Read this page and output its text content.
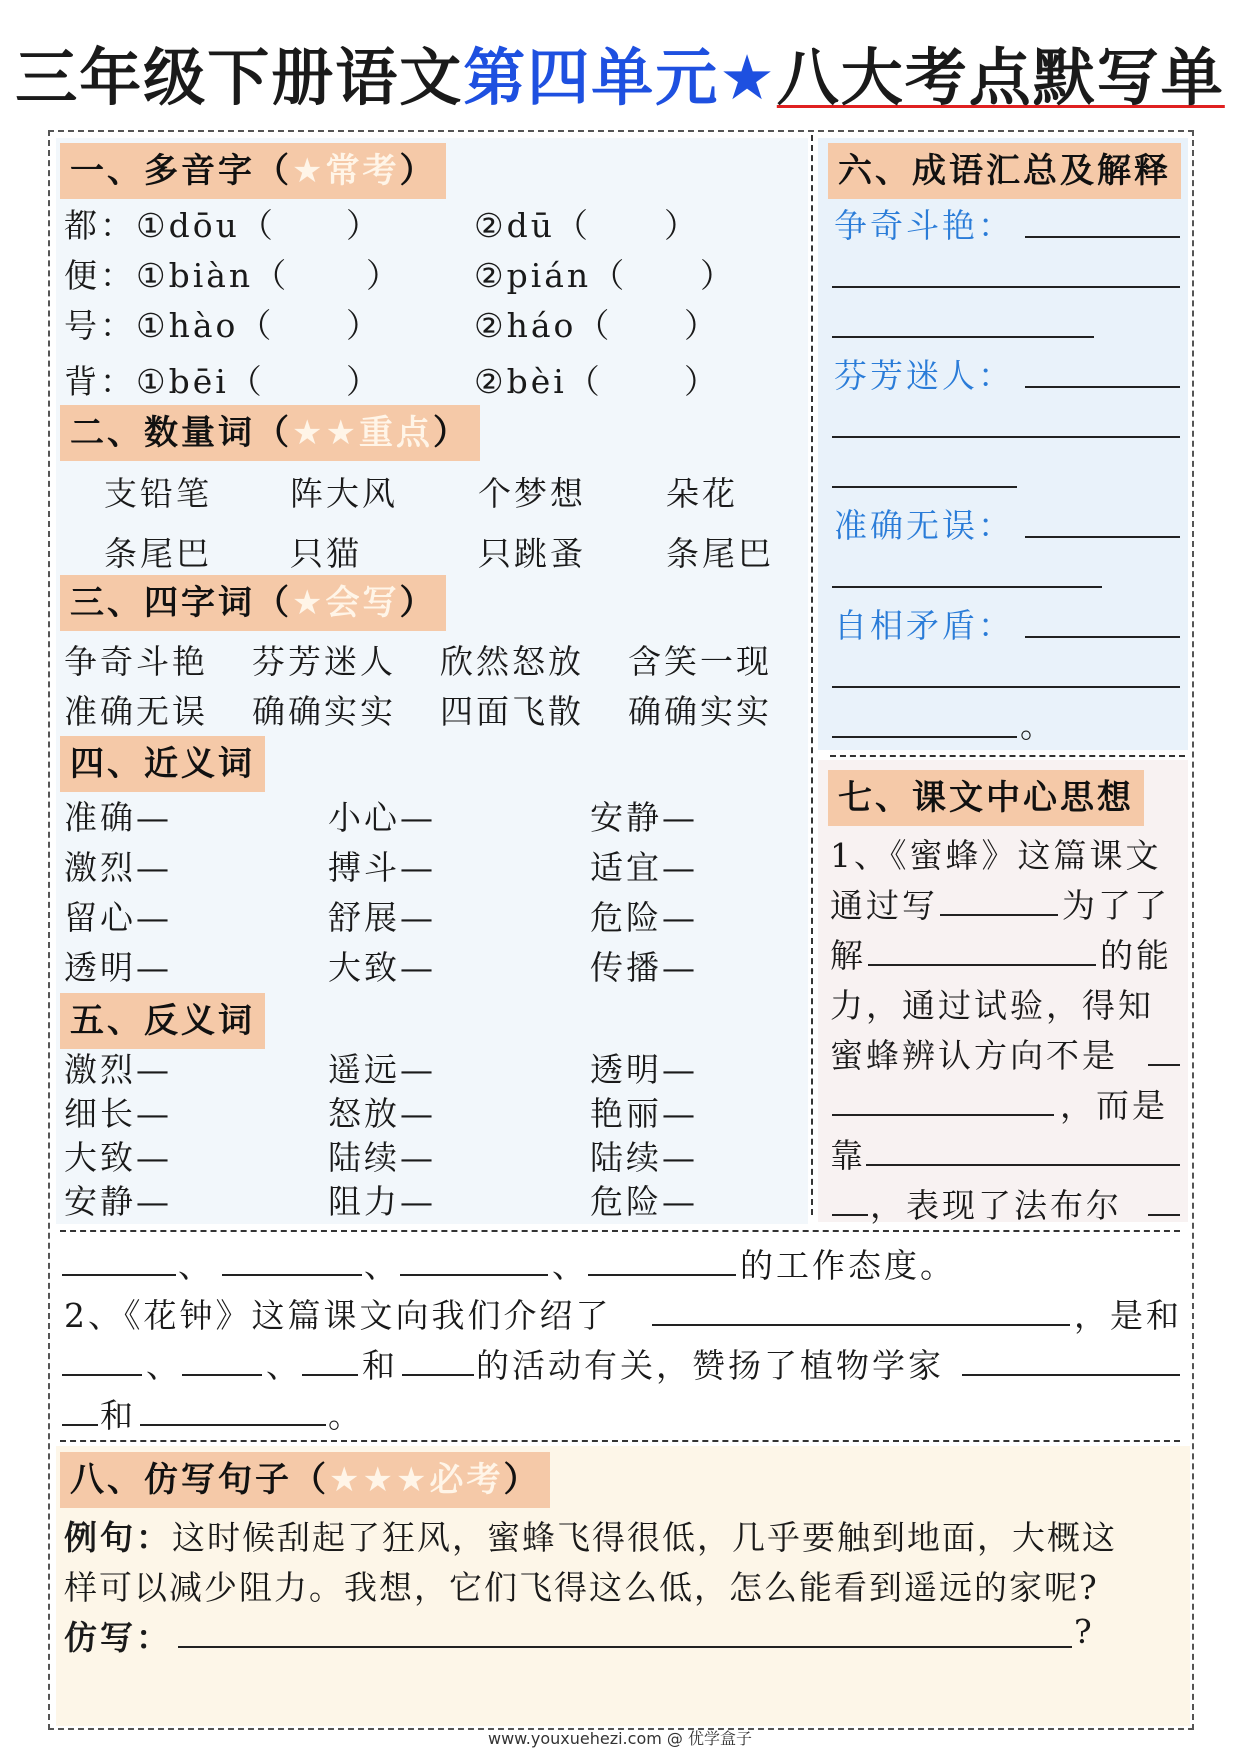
三年级下册语文第四单元★八大考点默写单
一、多音字（★常考）
都： ①dōu（ ）	②dū（ ）
便： ①biàn（ ） ②pián（ ）
号： ①hào（ ）	②háo（ ）
背： ①bēi（ ）	②bèi（ ）
二、数量词（★★重点）
支铅笔 阵大风 个梦想 朵花
条尾巴 只猫	只跳蚤 条尾巴
三、四字词（★会写）
争奇斗艳 芬芳迷人 欣然怒放 含笑一现
准确无误 确确实实 四面飞散 确确实实
四、近义词
准确—	小心—	安静—
激烈—	搏斗—	适宜—
留心—	舒展—	危险—
透明—	大致—	传播—
五、反义词
激烈—	遥远—	透明—
细长—	怒放—	艳丽—
大致—	陆续—	陆续—
安静—	阻力—	危险—
六、成语汇总及解释
争奇斗艳：
芬芳迷人：
准确无误：
自相矛盾：
。
七、课文中心思想
1、《蜜蜂》这篇课文
通过写	为了了
解	的能
力，通过试验，得知
蜜蜂辨认方向不是
，而是
靠
，表现了法布尔
、	、	、	的工作态度。
2、《花钟》这篇课文向我们介绍了	，是和
、	、 和 的活动有关，赞扬了植物学家
和	。
八、仿写句子（★★★必考）
例句： 这时候刮起了狂风，蜜蜂飞得很低，几乎要触到地面，大概这
样可以减少阻力。我想，它们飞得这么低，怎么能看到遥远的家呢?
仿写：	?
www.youxuehezi.com @ 优学盒子
